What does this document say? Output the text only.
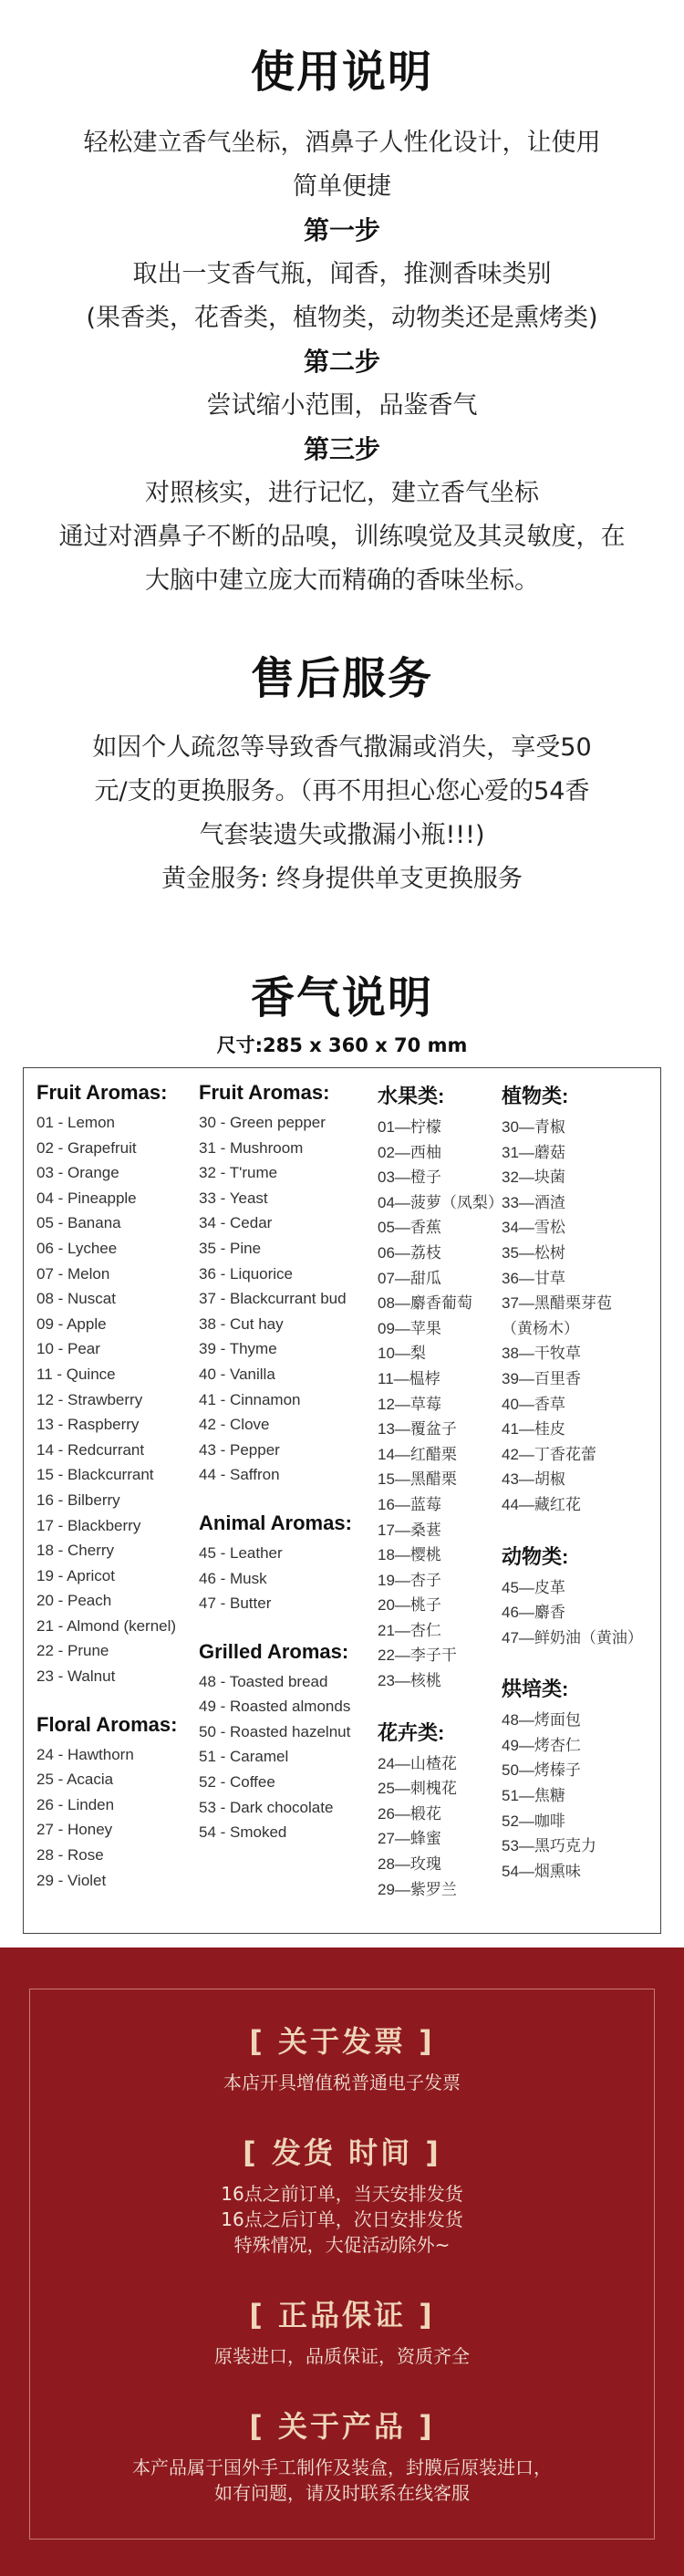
使用说明

轻松建立香气坐标，酒鼻子人性化设计，让使用

简单便捷

第一步

取出一支香气瓶，闻香，推测香味类别

(果香类，花香类，植物类，动物类还是熏烤类)

第二步

尝试缩小范围，品鉴香气

第三步

对照核实，进行记忆，建立香气坐标

通过对酒鼻子不断的品嗅，训练嗅觉及其灵敏度，在

大脑中建立庞大而精确的香味坐标。

售后服务

如因个人疏忽等导致香气撒漏或消失，享受50

元/支的更换服务。（再不用担心您心爱的54香

气套装遗失或撒漏小瓶!!!)

黄金服务: 终身提供单支更换服务

香气说明

尺寸:285 x 360 x 70 mm

Fruit Aromas:
01 - Lemon
02 - Grapefruit
03 - Orange
04 - Pineapple
05 - Banana
06 - Lychee
07 - Melon
08 - Nuscat
09 - Apple
10 - Pear
11 - Quince
12 - Strawberry
13 - Raspberry
14 - Redcurrant
15 - Blackcurrant
16 - Bilberry
17 - Blackberry
18 - Cherry
19 - Apricot
20 - Peach
21 - Almond (kernel)
22 - Prune
23 - Walnut
Floral Aromas:
24 - Hawthorn
25 - Acacia
26 - Linden
27 - Honey
28 - Rose
29 - Violet
Fruit Aromas:
30 - Green pepper
31 - Mushroom
32 - T'rume
33 - Yeast
34 - Cedar
35 - Pine
36 - Liquorice
37 - Blackcurrant bud
38 - Cut hay
39 - Thyme
40 - Vanilla
41 - Cinnamon
42 - Clove
43 - Pepper
44 - Saffron
Animal Aromas:
45 - Leather
46 - Musk
47 - Butter
Grilled Aromas:
48 - Toasted bread
49 - Roasted almonds
50 - Roasted hazelnut
51 - Caramel
52 - Coffee
53 - Dark chocolate
54 - Smoked
水果类:
01—柠檬
02—西柚
03—橙子
04—菠萝（凤梨）
05—香蕉
06—荔枝
07—甜瓜
08—麝香葡萄
09—苹果
10—梨
11—榅桲
12—草莓
13—覆盆子
14—红醋栗
15—黑醋栗
16—蓝莓
17—桑葚
18—樱桃
19—杏子
20—桃子
21—杏仁
22—李子干
23—核桃
花卉类:
24—山楂花
25—刺槐花
26—椴花
27—蜂蜜
28—玫瑰
29—紫罗兰
植物类:
30—青椒
31—蘑菇
32—块菌
33—酒渣
34—雪松
35—松树
36—甘草
37—黑醋栗芽苞
（黄杨木）
38—干牧草
39—百里香
40—香草
41—桂皮
42—丁香花蕾
43—胡椒
44—藏红花
动物类:
45—皮革
46—麝香
47—鲜奶油（黄油）
烘培类:
48—烤面包
49—烤杏仁
50—烤榛子
51—焦糖
52—咖啡
53—黑巧克力
54—烟熏味
[ 关于发票 ]
本店开具增值税普通电子发票
[ 发货 时间 ]
16点之前订单，当天安排发货
16点之后订单，次日安排发货
特殊情况，大促活动除外~
[ 正品保证 ]
原装进口，品质保证，资质齐全
[ 关于产品 ]
本产品属于国外手工制作及装盒，封膜后原装进口，
如有问题，请及时联系在线客服
